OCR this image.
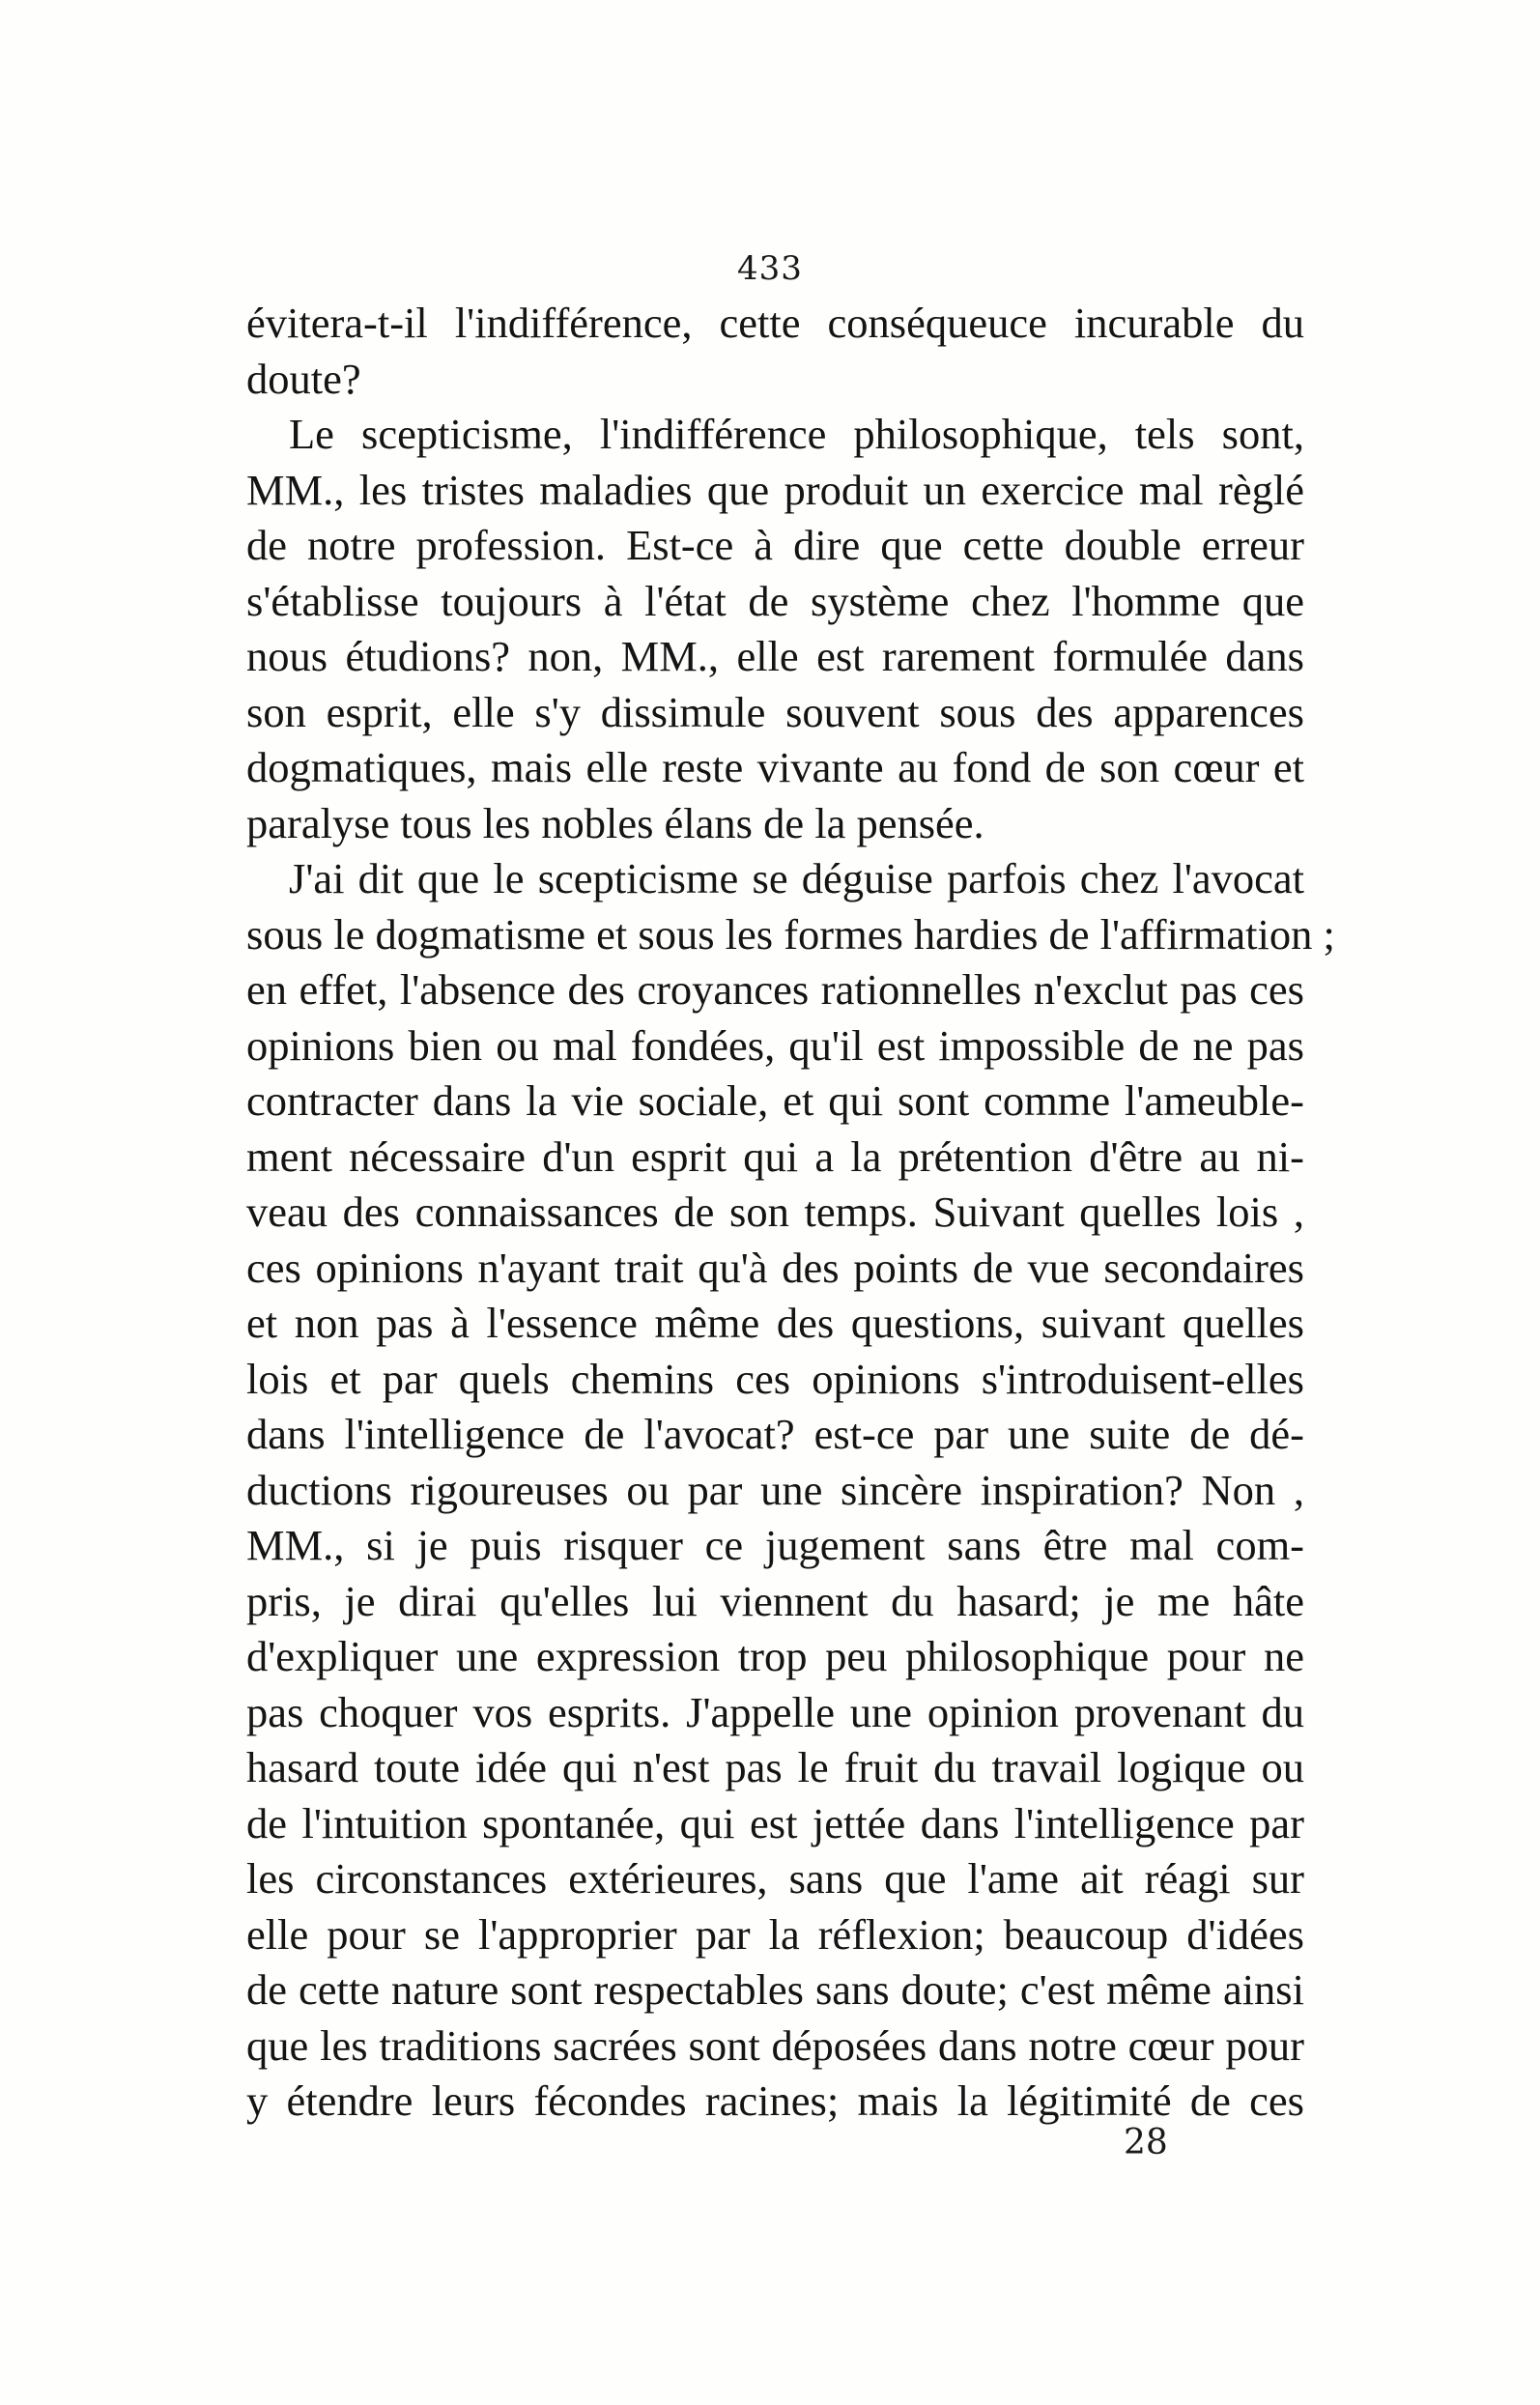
433
évitera-t-il l'indifférence, cette conséqueuce incurable du
doute?
Le scepticisme, l'indifférence philosophique, tels sont,
MM., les tristes maladies que produit un exercice mal règlé
de notre profession. Est-ce à dire que cette double erreur
s'établisse toujours à l'état de système chez l'homme que
nous étudions? non, MM., elle est rarement formulée dans
son esprit, elle s'y dissimule souvent sous des apparences
dogmatiques, mais elle reste vivante au fond de son cœur et
paralyse tous les nobles élans de la pensée.
J'ai dit que le scepticisme se déguise parfois chez l'avocat
sous le dogmatisme et sous les formes hardies de l'affirmation ;
en effet, l'absence des croyances rationnelles n'exclut pas ces
opinions bien ou mal fondées, qu'il est impossible de ne pas
contracter dans la vie sociale, et qui sont comme l'ameuble-
ment nécessaire d'un esprit qui a la prétention d'être au ni-
veau des connaissances de son temps. Suivant quelles lois ,
ces opinions n'ayant trait qu'à des points de vue secondaires
et non pas à l'essence même des questions, suivant quelles
lois et par quels chemins ces opinions s'introduisent-elles
dans l'intelligence de l'avocat? est-ce par une suite de dé-
ductions rigoureuses ou par une sincère inspiration? Non ,
MM., si je puis risquer ce jugement sans être mal com-
pris, je dirai qu'elles lui viennent du hasard; je me hâte
d'expliquer une expression trop peu philosophique pour ne
pas choquer vos esprits. J'appelle une opinion provenant du
hasard toute idée qui n'est pas le fruit du travail logique ou
de l'intuition spontanée, qui est jettée dans l'intelligence par
les circonstances extérieures, sans que l'ame ait réagi sur
elle pour se l'approprier par la réflexion; beaucoup d'idées
de cette nature sont respectables sans doute; c'est même ainsi
que les traditions sacrées sont déposées dans notre cœur pour
y étendre leurs fécondes racines; mais la légitimité de ces
28
